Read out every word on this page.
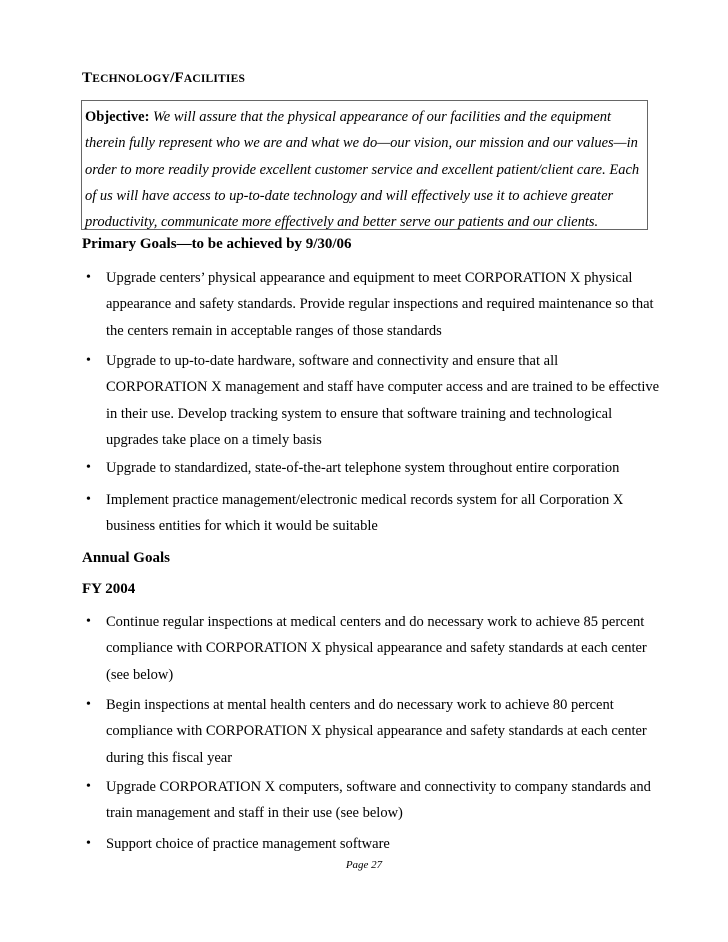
TECHNOLOGY/FACILITIES
Objective: We will assure that the physical appearance of our facilities and the equipment therein fully represent who we are and what we do—our vision, our mission and our values—in order to more readily provide excellent customer service and excellent patient/client care. Each of us will have access to up-to-date technology and will effectively use it to achieve greater productivity, communicate more effectively and better serve our patients and our clients.
Primary Goals—to be achieved by 9/30/06
• Upgrade centers’ physical appearance and equipment to meet CORPORATION X physical appearance and safety standards. Provide regular inspections and required maintenance so that the centers remain in acceptable ranges of those standards
• Upgrade to up-to-date hardware, software and connectivity and ensure that all CORPORATION X management and staff have computer access and are trained to be effective in their use. Develop tracking system to ensure that software training and technological upgrades take place on a timely basis
• Upgrade to standardized, state-of-the-art telephone system throughout entire corporation
• Implement practice management/electronic medical records system for all Corporation X business entities for which it would be suitable
Annual Goals
FY 2004
• Continue regular inspections at medical centers and do necessary work to achieve 85 percent compliance with CORPORATION X physical appearance and safety standards at each center (see below)
• Begin inspections at mental health centers and do necessary work to achieve 80 percent compliance with CORPORATION X physical appearance and safety standards at each center during this fiscal year
• Upgrade CORPORATION X computers, software and connectivity to company standards and train management and staff in their use (see below)
• Support choice of practice management software
Page 27
